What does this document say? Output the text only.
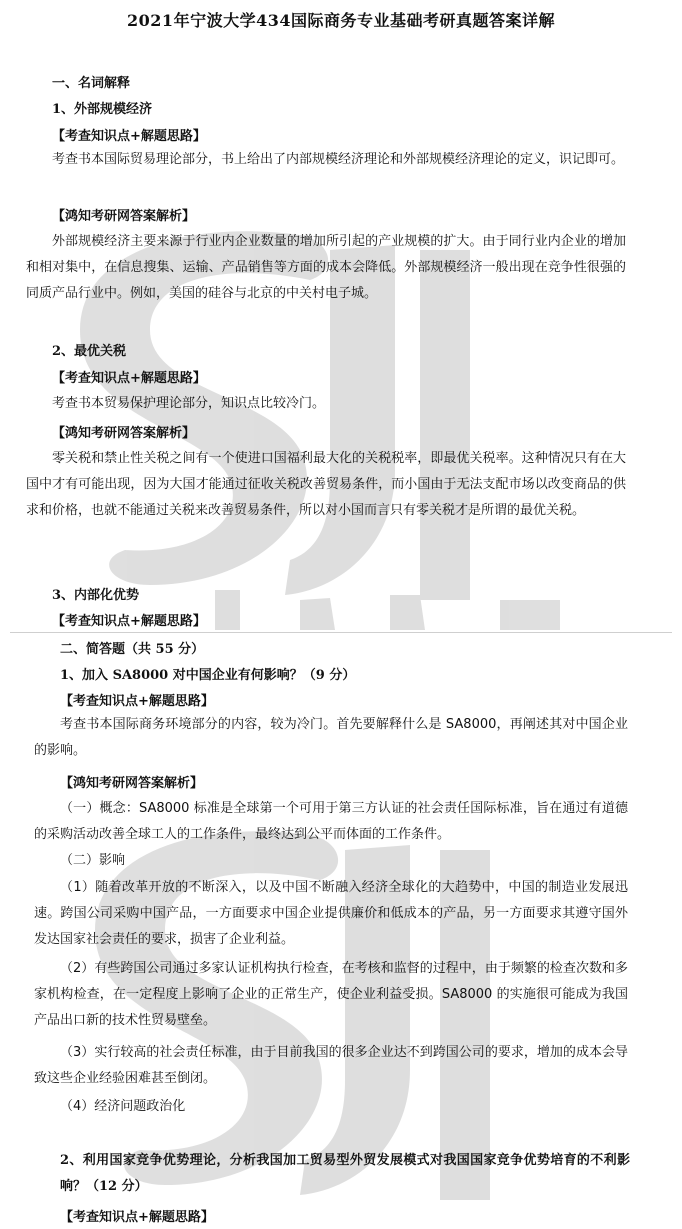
2021年宁波大学434国际商务专业基础考研真题答案详解
一、名词解释
1、外部规模经济
【考查知识点+解题思路】

考查书本国际贸易理论部分，书上给出了内部规模经济理论和外部规模经济理论的定义，识记即可。

【鸿知考研网答案解析】

外部规模经济主要来源于行业内企业数量的增加所引起的产业规模的扩大。由于同行业内企业的增加和相对集中，在信息搜集、运输、产品销售等方面的成本会降低。外部规模经济一般出现在竞争性很强的同质产品行业中。例如，美国的硅谷与北京的中关村电子城。

2、最优关税
【考查知识点+解题思路】

考查书本贸易保护理论部分，知识点比较冷门。

【鸿知考研网答案解析】

零关税和禁止性关税之间有一个使进口国福利最大化的关税税率，即最优关税率。这种情况只有在大国中才有可能出现，因为大国才能通过征收关税改善贸易条件，而小国由于无法支配市场以改变商品的供求和价格，也就不能通过关税来改善贸易条件，所以对小国而言只有零关税才是所谓的最优关税。

3、内部化优势
【考查知识点+解题思路】
二、简答题（共 55 分）
1、加入 SA8000 对中国企业有何影响？（9 分）
【考查知识点+解题思路】

考查书本国际商务环境部分的内容，较为冷门。首先要解释什么是 SA8000，再阐述其对中国企业的影响。

【鸿知考研网答案解析】

（一）概念：SA8000 标准是全球第一个可用于第三方认证的社会责任国际标准，旨在通过有道德的采购活动改善全球工人的工作条件，最终达到公平而体面的工作条件。

（二）影响

（1）随着改革开放的不断深入，以及中国不断融入经济全球化的大趋势中，中国的制造业发展迅速。跨国公司采购中国产品，一方面要求中国企业提供廉价和低成本的产品，另一方面要求其遵守国外发达国家社会责任的要求，损害了企业利益。

（2）有些跨国公司通过多家认证机构执行检查，在考核和监督的过程中，由于频繁的检查次数和多家机构检查，在一定程度上影响了企业的正常生产，使企业利益受损。SA8000 的实施很可能成为我国产品出口新的技术性贸易壁垒。

（3）实行较高的社会责任标准，由于目前我国的很多企业达不到跨国公司的要求，增加的成本会导致这些企业经验困难甚至倒闭。

（4）经济问题政治化

2、利用国家竞争优势理论，分析我国加工贸易型外贸发展模式对我国国家竞争优势培育的不利影响？（12 分）

【考查知识点+解题思路】
